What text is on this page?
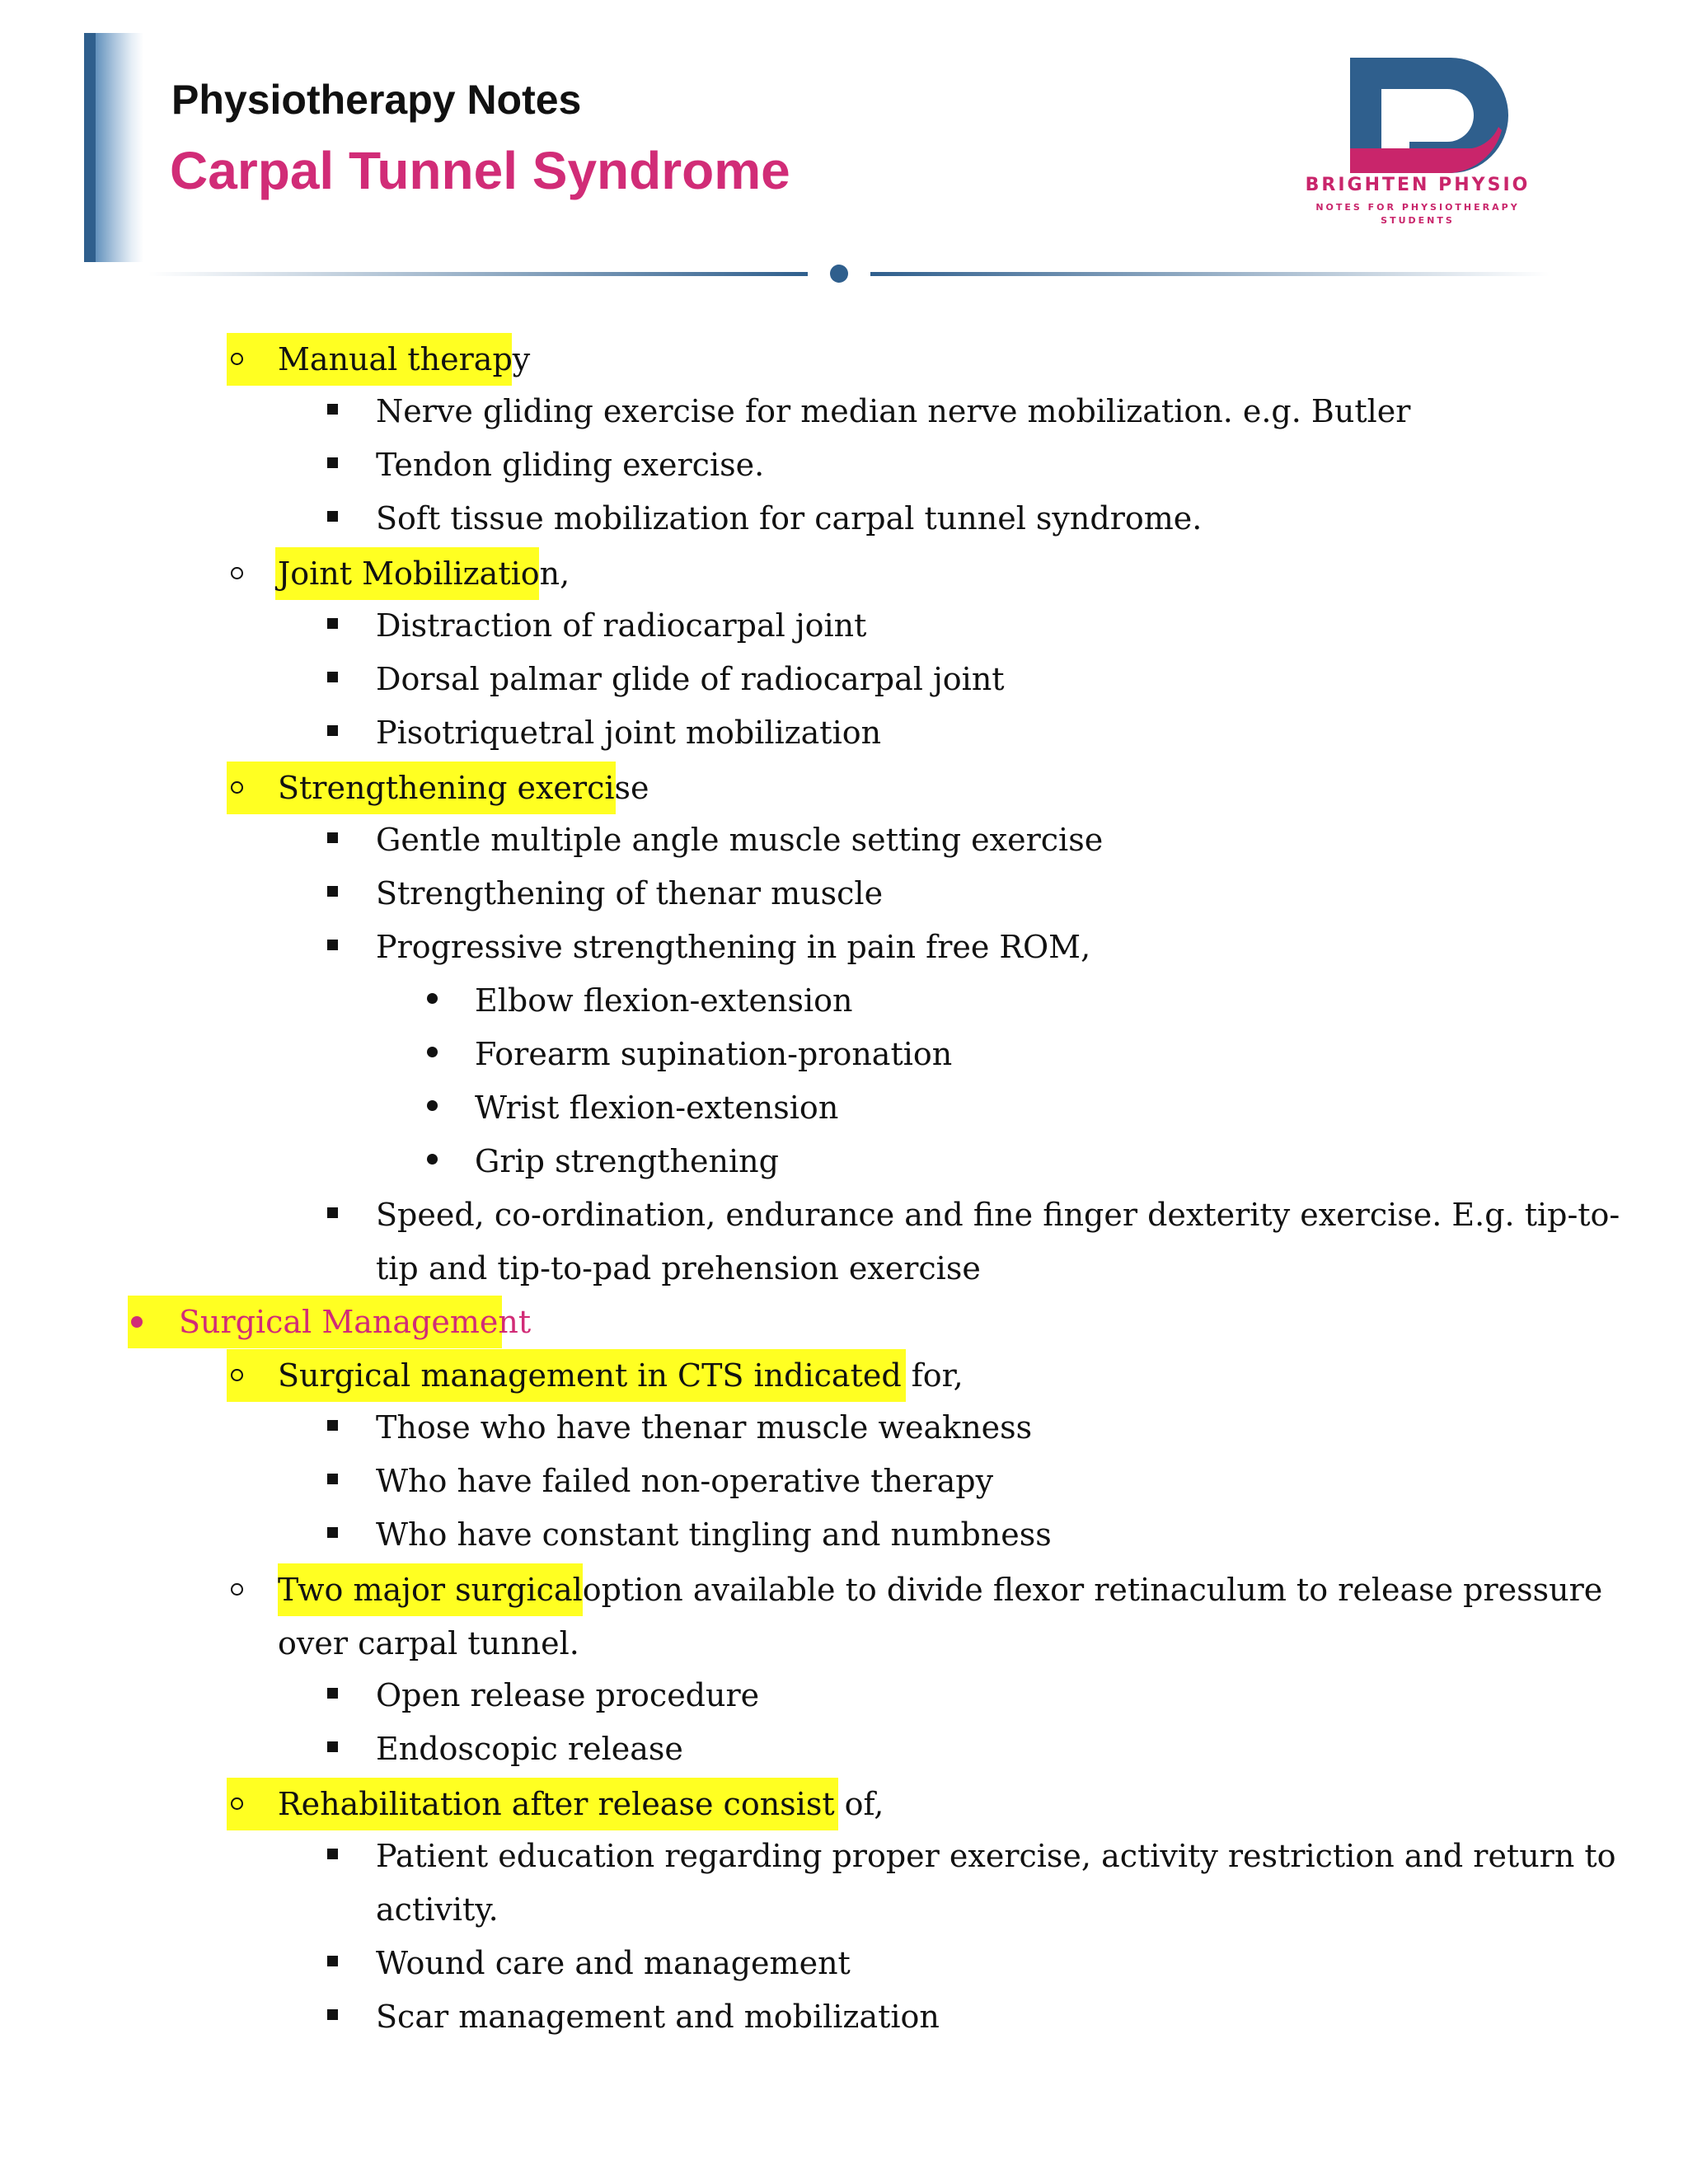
Physiotherapy Notes
Carpal Tunnel Syndrome	BRIGHTEN PHYSIO
NOTES FOR PHYSIOTHERAPY
STUDENTS
Manual therapy
Nerve gliding exercise for median nerve mobilization. e.g. Butler
Tendon gliding exercise.
Soft tissue mobilization for carpal tunnel syndrome.
Joint Mobilization,
Distraction of radiocarpal joint
Dorsal palmar glide of radiocarpal joint
Pisotriquetral joint mobilization
Strengthening exercise
Gentle multiple angle muscle setting exercise
Strengthening of thenar muscle
Progressive strengthening in pain free ROM,
Elbow flexion-extension
Forearm supination-pronation
Wrist flexion-extension
Grip strengthening
Speed, co-ordination, endurance and fine finger dexterity exercise. E.g. tip-to-
tip and tip-to-pad prehension exercise
Surgical Management
Surgical management in CTS indicated for,
Those who have thenar muscle weakness
Who have failed non-operative therapy
Who have constant tingling and numbness
Two major surgical option available to divide flexor retinaculum to release pressure
over carpal tunnel.
Open release procedure
Endoscopic release
Rehabilitation after release consist of,
Patient education regarding proper exercise, activity restriction and return to
activity.
Wound care and management
Scar management and mobilization
